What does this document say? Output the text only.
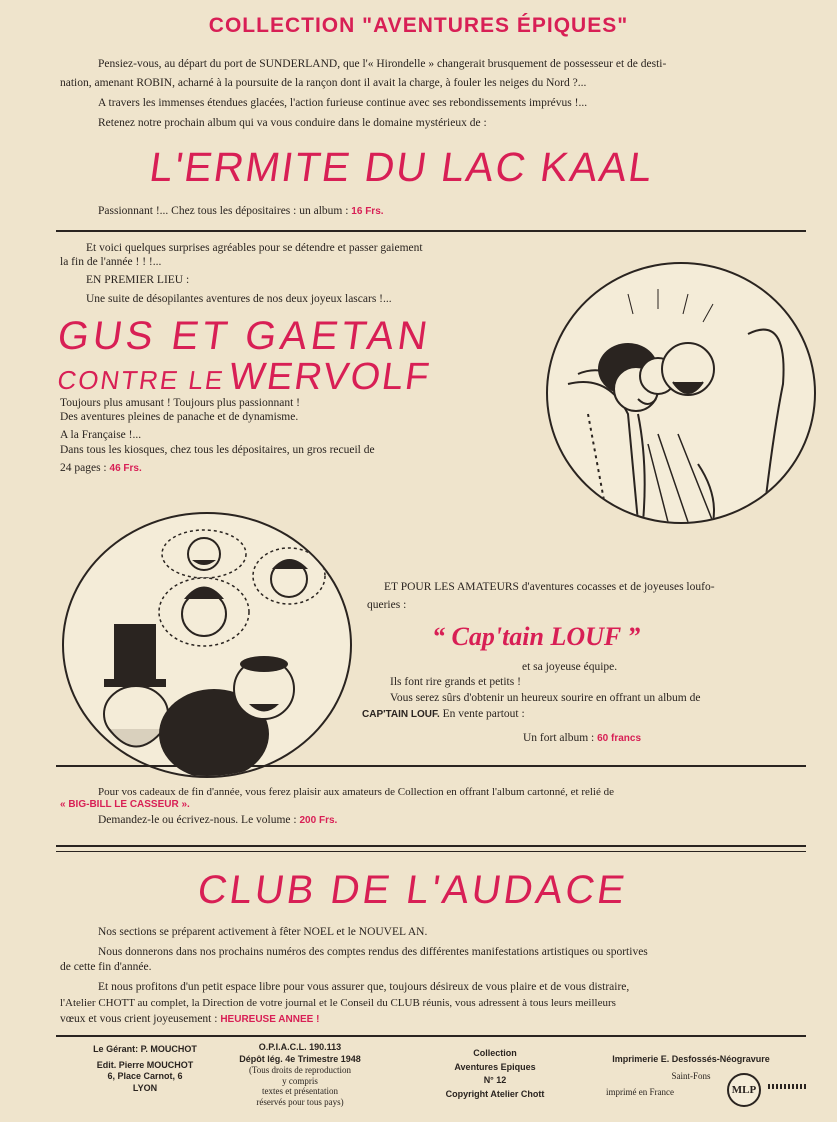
COLLECTION "AVENTURES ÉPIQUES"

Pensiez-vous, au départ du port de SUNDERLAND, que l'« Hirondelle » changerait brusquement de possesseur et de desti-

nation, amenant ROBIN, acharné à la poursuite de la rançon dont il avait la charge, à fouler les neiges du Nord ?...

A travers les immenses étendues glacées, l'action furieuse continue avec ses rebondissements imprévus !...

Retenez notre prochain album qui va vous conduire dans le domaine mystérieux de :

L'ERMITE DU LAC KAAL

Passionnant !... Chez tous les dépositaires : un album : 16 Frs.

Et voici quelques surprises agréables pour se détendre et passer gaiement

la fin de l'année ! ! !...

EN PREMIER LIEU :

Une suite de désopilantes aventures de nos deux joyeux lascars !...

GUS ET GAETAN
CONTRE LE WERVOLF

Toujours plus amusant ! Toujours plus passionnant !

Des aventures pleines de panache et de dynamisme.

A la Française !...

Dans tous les kiosques, chez tous les dépositaires, un gros recueil de

24 pages : 46 Frs.

ET POUR LES AMATEURS d'aventures cocasses et de joyeuses loufo-

queries :

“ Cap'tain LOUF ”

et sa joyeuse équipe.

Ils font rire grands et petits !

Vous serez sûrs d'obtenir un heureux sourire en offrant un album de

CAP'TAIN LOUF. En vente partout :

Un fort album : 60 francs

Pour vos cadeaux de fin d'année, vous ferez plaisir aux amateurs de Collection en offrant l'album cartonné, et relié de

« BIG-BILL LE CASSEUR ».

Demandez-le ou écrivez-nous. Le volume : 200 Frs.

CLUB DE L'AUDACE

Nos sections se préparent activement à fêter NOEL et le NOUVEL AN.

Nous donnerons dans nos prochains numéros des comptes rendus des différentes manifestations artistiques ou sportives

de cette fin d'année.

Et nous profitons d'un petit espace libre pour vous assurer que, toujours désireux de vous plaire et de vous distraire,

l'Atelier CHOTT au complet, la Direction de votre journal et le Conseil du CLUB réunis, vous adressent à tous leurs meilleurs

vœux et vous crient joyeusement : HEUREUSE ANNEE !

Le Gérant: P. MOUCHOT
Edit. Pierre MOUCHOT
6, Place Carnot, 6
LYON
O.P.I.A.C.L. 190.113
Dépôt lég. 4e Trimestre 1948
(Tous droits de reproduction
y compris
textes et présentation
réservés pour tous pays)
Collection
Aventures Epiques
N° 12
Copyright Atelier Chott
Imprimerie E. Desfossés-Néogravure
Saint-Fons
imprimé en France	MLP
